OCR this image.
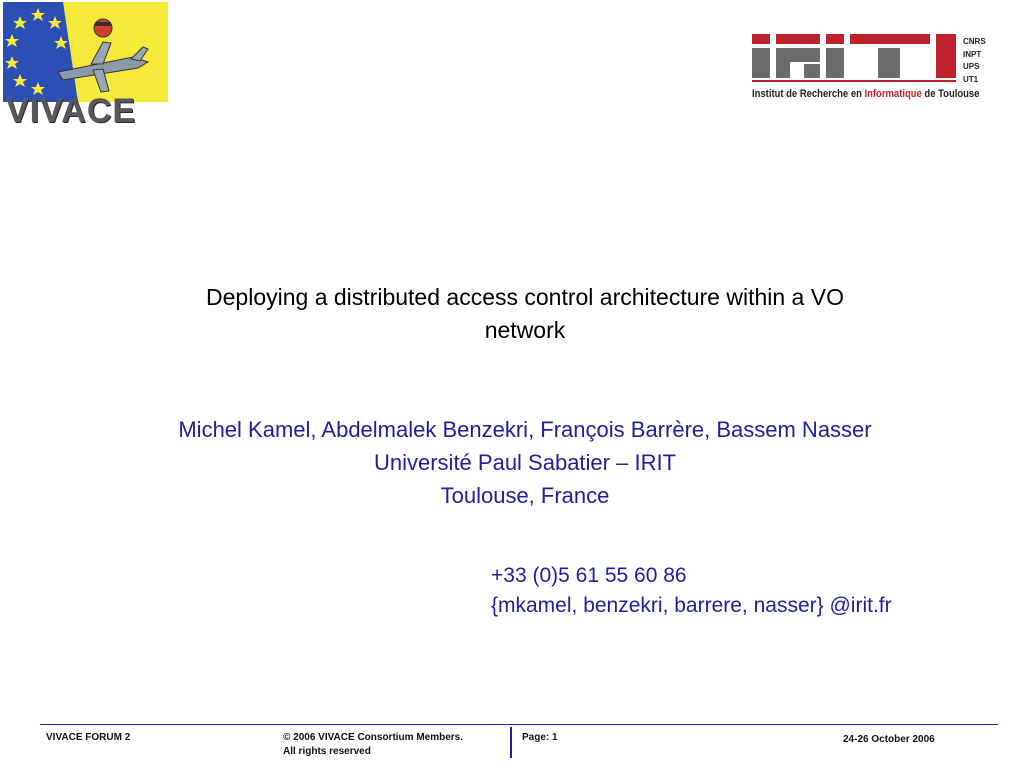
VIVACE
CNRS
INPT
UPS
UT1
Institut de Recherche en Informatique de Toulouse
Deploying a distributed access control architecture within a VO
network
Michel Kamel, Abdelmalek Benzekri, François Barrère, Bassem Nasser
Université Paul Sabatier – IRIT
Toulouse, France
+33 (0)5 61 55 60 86
{mkamel, benzekri, barrere, nasser} @irit.fr
VIVACE FORUM 2	© 2006 VIVACE Consortium Members.
All rights reserved
Page: 1	24-26 October 2006
